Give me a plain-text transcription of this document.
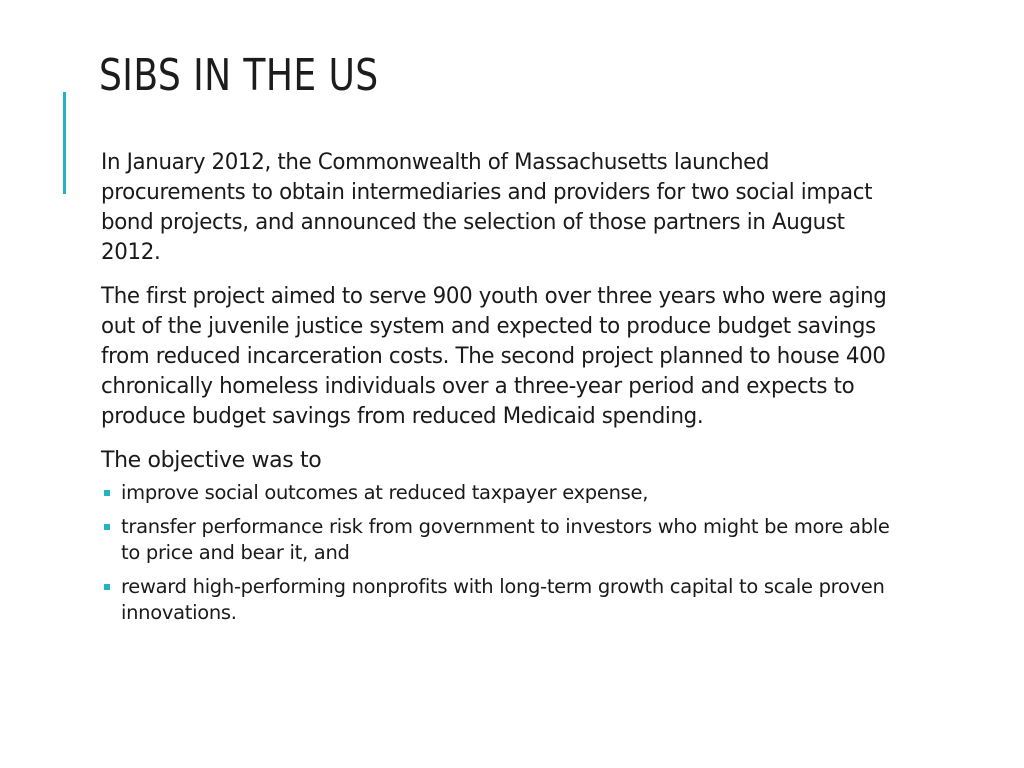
SIBS IN THE US

In January 2012, the Commonwealth of Massachusetts launched procurements to obtain intermediaries and providers for two social impact bond projects, and announced the selection of those partners in August 2012.

The first project aimed to serve 900 youth over three years who were aging out of the juvenile justice system and expected to produce budget savings from reduced incarceration costs. The second project planned to house 400 chronically homeless individuals over a three-year period and expects to produce budget savings from reduced Medicaid spending.

The objective was to

improve social outcomes at reduced taxpayer expense,
transfer performance risk from government to investors who might be more able to price and bear it, and
reward high-performing nonprofits with long-term growth capital to scale proven innovations.
